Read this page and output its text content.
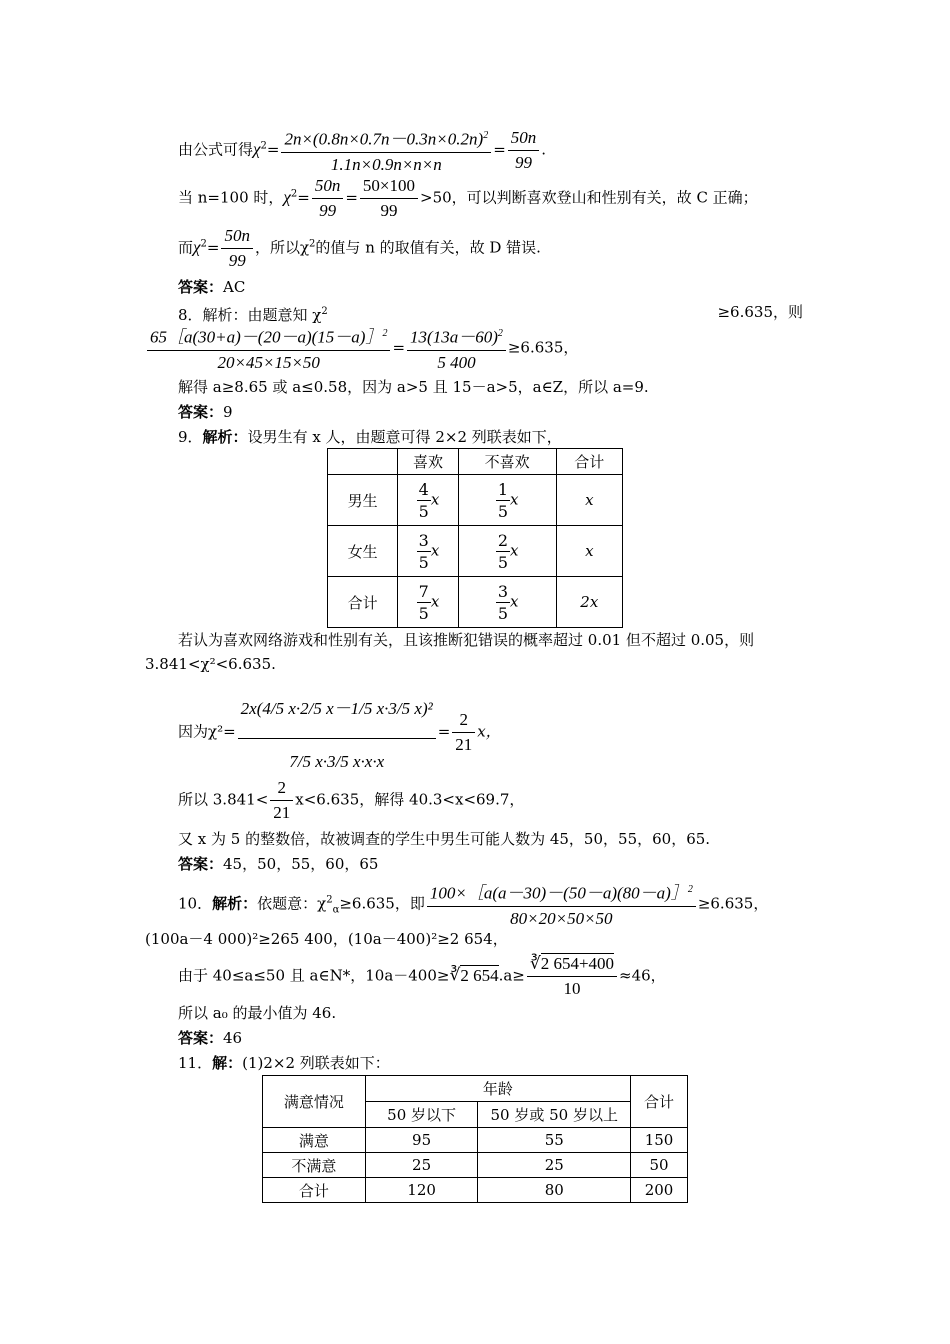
由公式可得$\chi^2= \frac{2n\times(0.8n\times 0.7n-0.3n\times 0.2n)^2}{1.1n\times 0.9n\times n\times n} = \frac{50n}{99}$ .
当 n=100 时，$\chi^2= \frac{50n}{99} = \frac{50\times 100}{99} >50$，可以判断喜欢登山和性别有关，故 C 正确；
而$\chi^2= \frac{50n}{99}$ ，所以$\chi^2$的值与 n 的取值有关，故 D 错误.
答案：AC
8．解析：由题意知 $\chi^2$	≥6.635，则
$\frac{65[a(30+a)-(20-a)(15-a)]^2}{20\times 45\times 15\times 50} = \frac{13(13a-60)^2}{5 400} \ge 6.635$，
解得 a≥8.65 或 a≤0.58，因为 a>5 且 15－a>5，a∈Z，所以 a=9.
答案：9
9．解析：设男生有 x 人，由题意可得 2×2 列联表如下，
	喜欢	不喜欢	合计
男生	$\frac{4}{5}$ x	$\frac{1}{5}$ x	x
女生	$\frac{3}{5}$ x	$\frac{2}{5}$ x	x
合计	$\frac{7}{5}$ x	$\frac{3}{5}$ x	2x
若认为喜欢网络游戏和性别有关，且该推断犯错误的概率超过 0.01 但不超过 0.05，则
3.841<χ²<6.635.
因为$\chi^2= \frac{\text{2x(4/5 x·2/5 x－1/5 x·3/5 x)²}}{7/5 x\cdot 3/5 x\cdot x\cdot x} = \frac{2}{21}$ x，
所以 $3.841< \frac{2}{21} x<6.635$，解得 40.3<x<69.7，
又 x 为 5 的整数倍，故被调查的学生中男生可能人数为 45，50，55，60，65.
答案：45，50，55，60，65
10．解析：依题意：$\chi^2_\alpha\ge 6.635$，即 $\frac{100\times[a(a-30)-(50-a)(80-a)]^2}{80\times 20\times 50\times 50} \ge 6.635$，
(100a－4 000)²≥265 400，(10a－400)²≥2 654，
由于 40≤a≤50 且 a∈N*，10a－400≥∛2 $654.a\ge \frac{∛2 654+400}{10} \approx 46$，
所以 a₀ 的最小值为 46.
答案：46
11．解：(1)2×2 列联表如下：
满意情况	年龄		合计
	50 岁以下	50 岁或 50 岁以上	
满意	95	55	150
不满意	25	25	50
合计	120	80	200
